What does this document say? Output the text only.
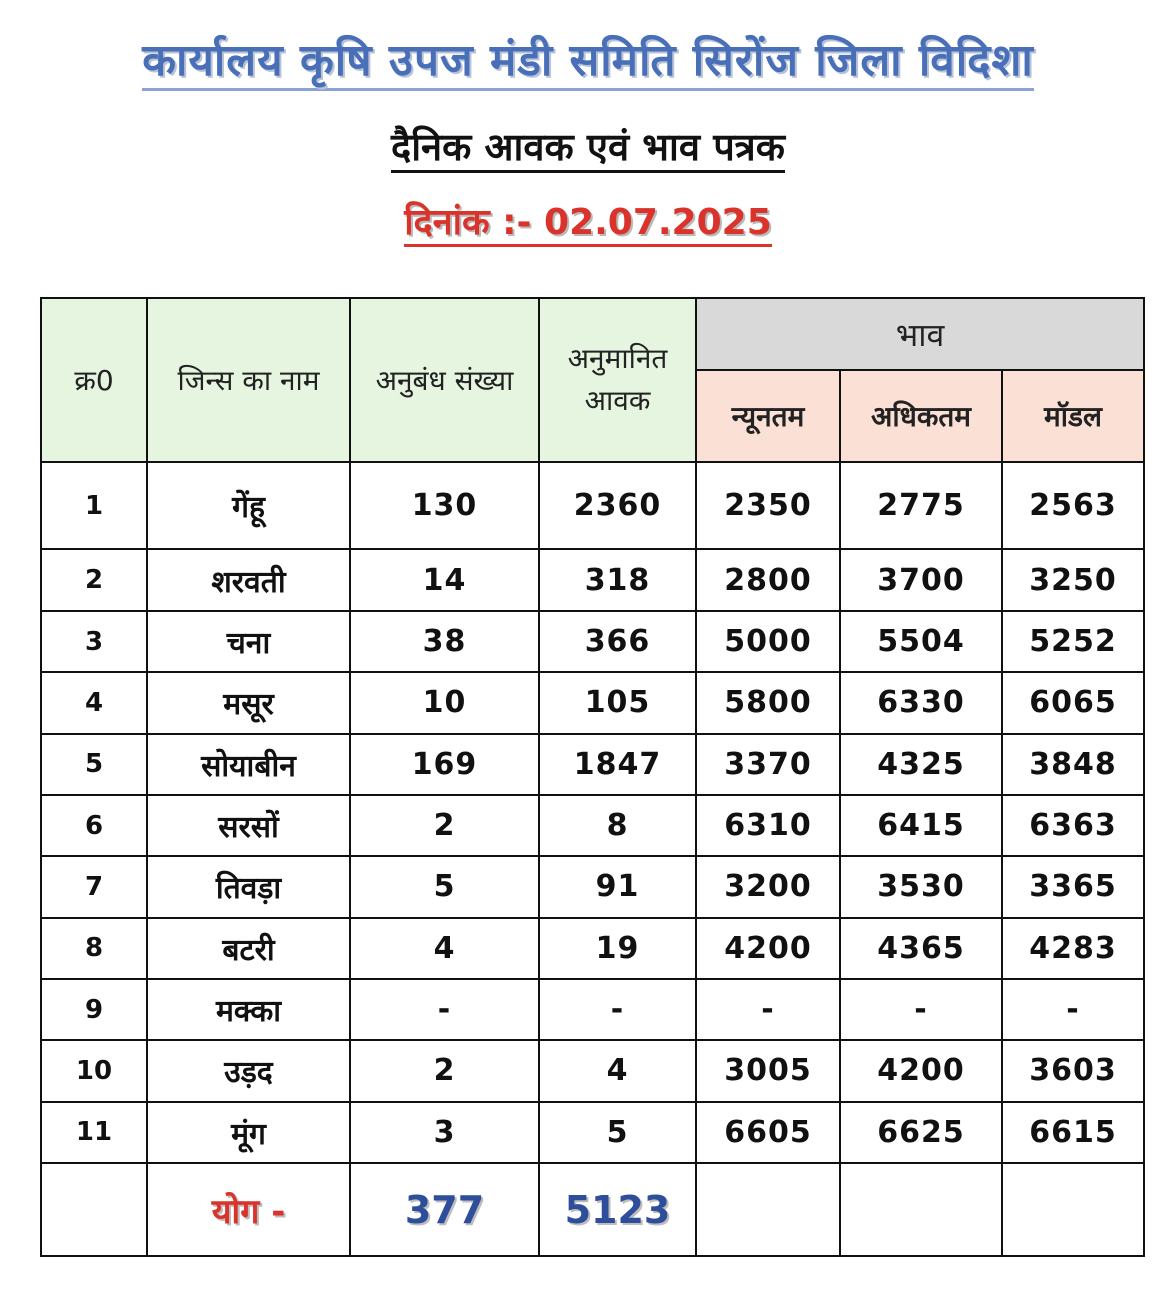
कार्यालय कृषि उपज मंडी समिति सिरोंज जिला विदिशा
दैनिक आवक एवं भाव पत्रक
दिनांक :- 02.07.2025
क्र0	जिन्स का नाम	अनुबंध संख्या	अनुमानित आवक	भाव		
				न्यूनतम	अधिकतम	मॉडल
1	गेंहू	130	2360	2350	2775	2563
2	शरवती	14	318	2800	3700	3250
3	चना	38	366	5000	5504	5252
4	मसूर	10	105	5800	6330	6065
5	सोयाबीन	169	1847	3370	4325	3848
6	सरसों	2	8	6310	6415	6363
7	तिवड़ा	5	91	3200	3530	3365
8	बटरी	4	19	4200	4365	4283
9	मक्का	-	-	-	-	-
10	उड़द	2	4	3005	4200	3603
11	मूंग	3	5	6605	6625	6615
	योग -	377	5123			
